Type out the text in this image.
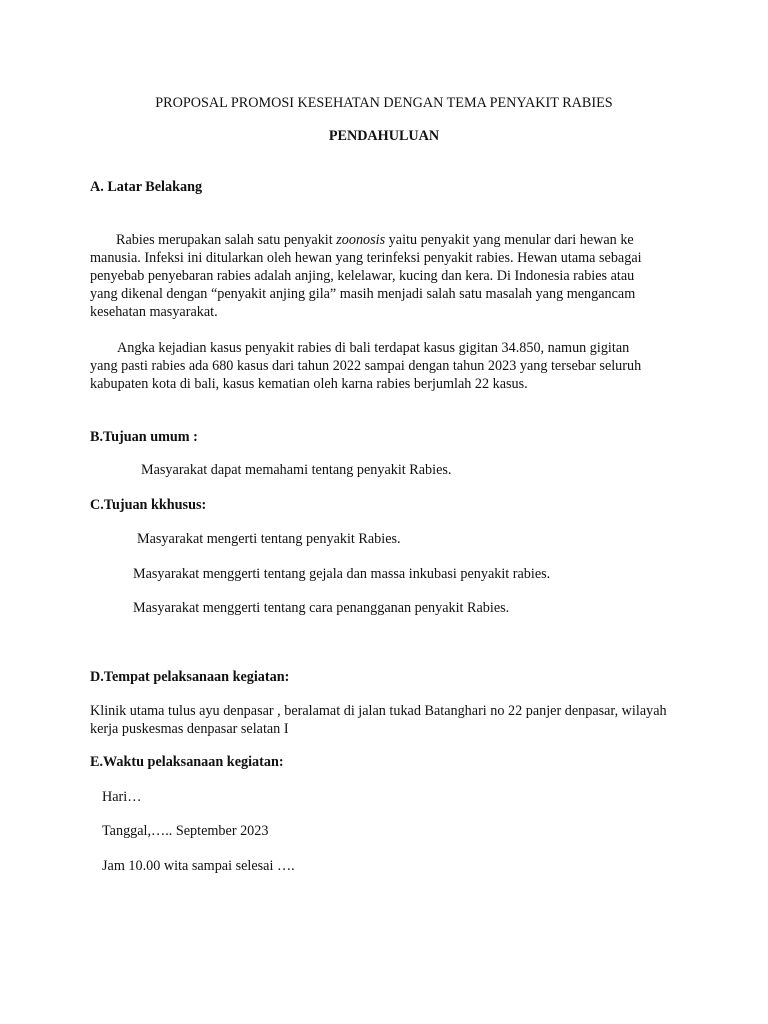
PROPOSAL PROMOSI KESEHATAN DENGAN TEMA PENYAKIT RABIES
PENDAHULUAN
A. Latar Belakang
Rabies merupakan salah satu penyakit zoonosis yaitu penyakit yang menular dari hewan ke
manusia. Infeksi ini ditularkan oleh hewan yang terinfeksi penyakit rabies. Hewan utama sebagai
penyebab penyebaran rabies adalah anjing, kelelawar, kucing dan kera. Di Indonesia rabies atau
yang dikenal dengan “penyakit anjing gila” masih menjadi salah satu masalah yang mengancam
kesehatan masyarakat.
Angka kejadian kasus penyakit rabies di bali terdapat kasus gigitan 34.850, namun gigitan
yang pasti rabies ada 680 kasus dari tahun 2022 sampai dengan tahun 2023 yang tersebar seluruh
kabupaten kota di bali, kasus kematian oleh karna rabies berjumlah 22 kasus.
B.Tujuan umum :
Masyarakat dapat memahami tentang penyakit Rabies.
C.Tujuan kkhusus:
Masyarakat mengerti tentang penyakit Rabies.
Masyarakat menggerti tentang gejala dan massa inkubasi penyakit rabies.
Masyarakat menggerti tentang cara penangganan penyakit Rabies.
D.Tempat pelaksanaan kegiatan:
Klinik utama tulus ayu denpasar , beralamat di jalan tukad Batanghari no 22 panjer denpasar, wilayah
kerja puskesmas denpasar selatan I
E.Waktu pelaksanaan kegiatan:
Hari…
Tanggal,….. September 2023
Jam 10.00 wita sampai selesai ….
